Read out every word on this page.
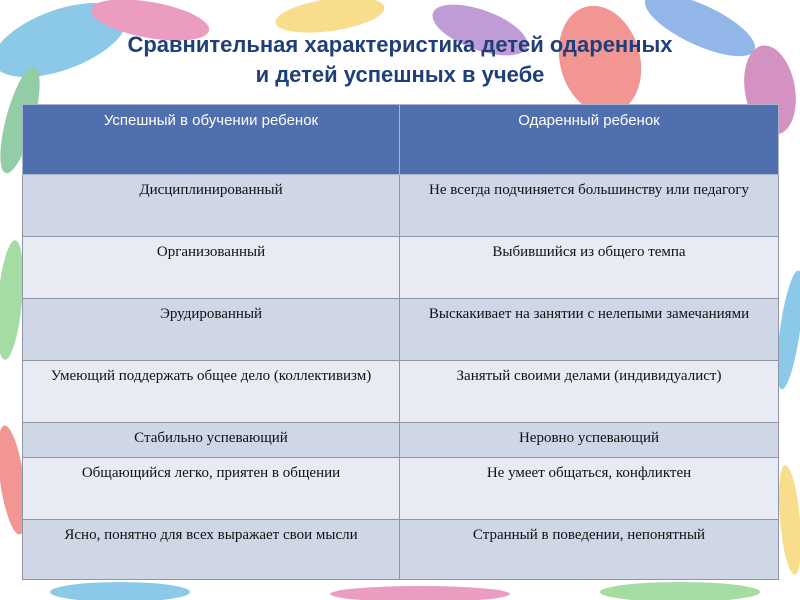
Сравнительная характеристика детей одаренных
и детей успешных в учебе
Успешный в обучении ребенок	Одаренный ребенок
Дисциплинированный	Не всегда подчиняется большинству или педагогу
Организованный	Выбившийся из общего темпа
Эрудированный	Выскакивает на занятии с нелепыми замечаниями
Умеющий поддержать общее дело (коллективизм)	Занятый своими делами (индивидуалист)
Стабильно успевающий	Неровно успевающий
Общающийся легко, приятен в общении	Не умеет общаться, конфликтен
Ясно, понятно для всех выражает свои мысли	Странный в поведении, непонятный
